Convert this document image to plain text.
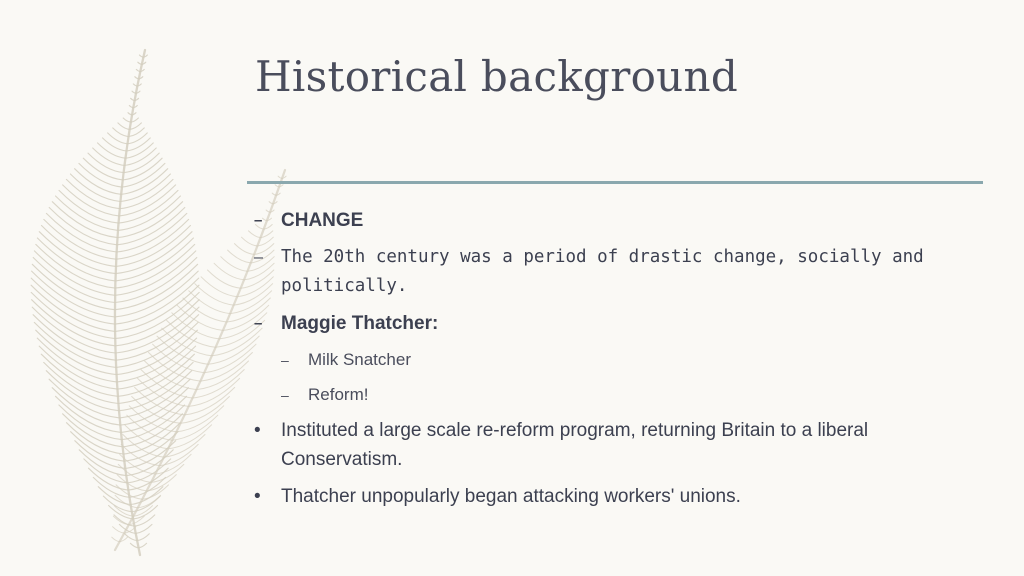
Historical background
– CHANGE
– The 20th century was a period of drastic change, socially and politically.
– Maggie Thatcher:
– Milk Snatcher
– Reform!
• Instituted a large scale re-reform program, returning Britain to a liberal Conservatism.
• Thatcher unpopularly began attacking workers' unions.
